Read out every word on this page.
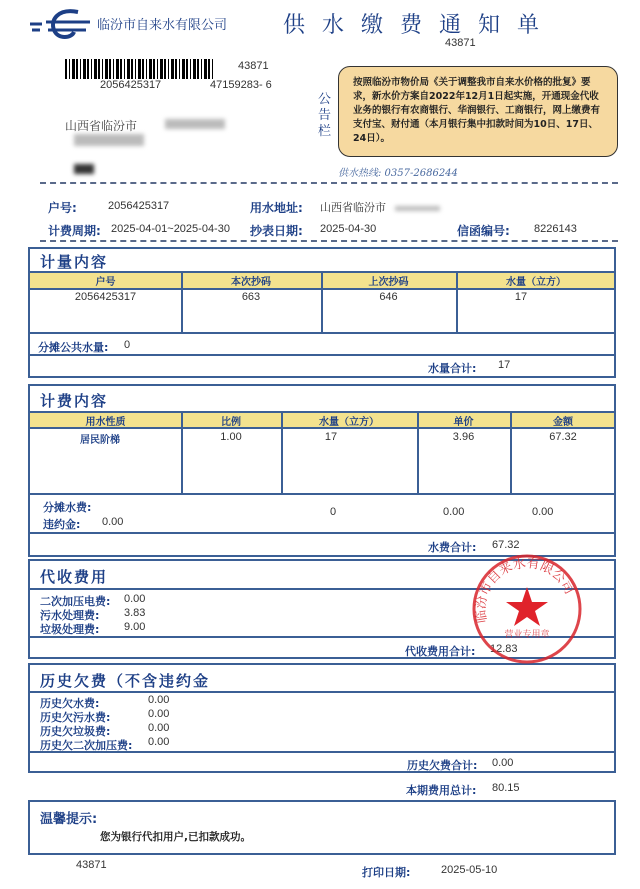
临汾市自来水有限公司	供水缴费通知单
43871
43871
2056425317	47159283- 6
山西省临汾市
公告栏
按照临汾市物价局《关于调整我市自来水价格的批复》要求，新水价方案自2022年12月1日起实施，开通现金代收业务的银行有农商银行、华润银行、工商银行，网上缴费有支付宝、财付通（本月银行集中扣款时间为10日、17日、24日）。
供水热线: 0357-2686244
户号:	2056425317	用水地址: 山西省临汾市
计费周期: 2025-04-01~2025-04-30 抄表日期: 2025-04-30	信函编号: 8226143
计量内容
户号	本次抄码	上次抄码	水量（立方）
2056425317	663	646	17
分摊公共水量: 0
水量合计: 17
计费内容
用水性质	比例	水量（立方）	单价	金额
居民阶梯	1.00	17	3.96	67.32
分摊水费:	0	0.00	0.00
违约金: 0.00
水费合计: 67.32
代收费用
二次加压电费: 0.00
污水处理费: 3.83
垃圾处理费: 9.00
代收费用合计: 12.83
历史欠费（不含违约金
历史欠水费:	0.00
历史欠污水费:	0.00
历史欠垃圾费:	0.00
历史欠二次加压费: 0.00
历史欠费合计: 0.00
本期费用总计: 80.15
温馨提示:
您为银行代扣用户,已扣款成功。
43871
打印日期:	2025-05-10
临汾市自来水有限公司
营业专用章
